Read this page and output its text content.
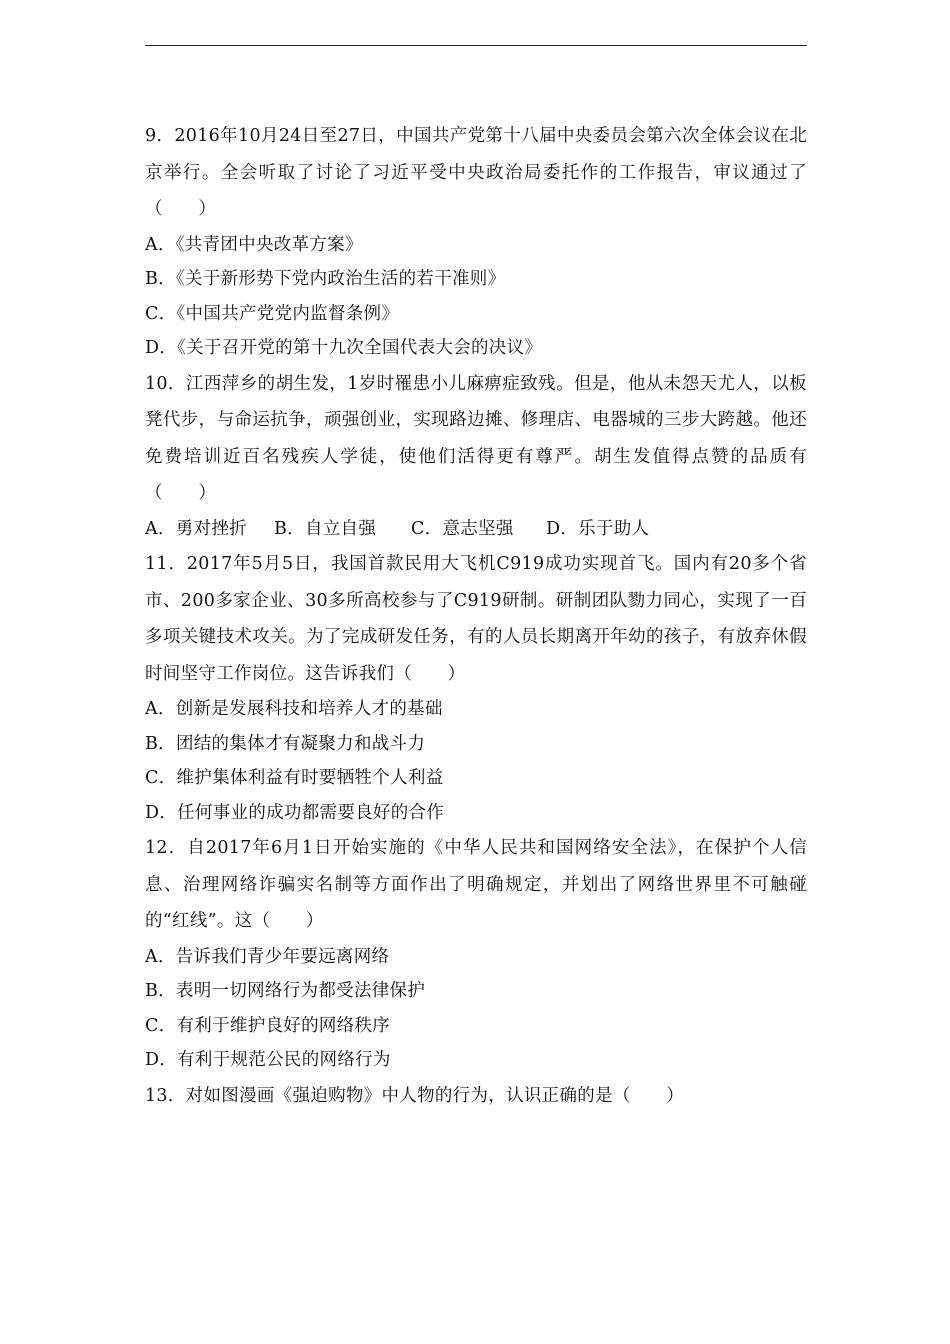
9．2016年10月24日至27日，中国共产党第十八届中央委员会第六次全体会议在北京举行。全会听取了讨论了习近平受中央政治局委托作的工作报告，审议通过了（　　）

A．《共青团中央改革方案》

B．《关于新形势下党内政治生活的若干准则》

C．《中国共产党党内监督条例》

D．《关于召开党的第十九次全国代表大会的决议》

10．江西萍乡的胡生发，1岁时罹患小儿麻痹症致残。但是，他从未怨天尤人，以板凳代步，与命运抗争，顽强创业，实现路边摊、修理店、电器城的三步大跨越。他还免费培训近百名残疾人学徒，使他们活得更有尊严。胡生发值得点赞的品质有（　　）

A．勇对挫折 B．自立自强 C．意志坚强 D．乐于助人

11．2017年5月5日，我国首款民用大飞机C919成功实现首飞。国内有20多个省市、200多家企业、30多所高校参与了C919研制。研制团队勠力同心，实现了一百多项关键技术攻关。为了完成研发任务，有的人员长期离开年幼的孩子，有放弃休假时间坚守工作岗位。这告诉我们（　　）

A．创新是发展科技和培养人才的基础

B．团结的集体才有凝聚力和战斗力

C．维护集体利益有时要牺牲个人利益

D．任何事业的成功都需要良好的合作

12．自2017年6月1日开始实施的《中华人民共和国网络安全法》，在保护个人信息、治理网络诈骗实名制等方面作出了明确规定，并划出了网络世界里不可触碰的“红线”。这（　　）

A．告诉我们青少年要远离网络

B．表明一切网络行为都受法律保护

C．有利于维护良好的网络秩序

D．有利于规范公民的网络行为

13．对如图漫画《强迫购物》中人物的行为，认识正确的是（　　）
